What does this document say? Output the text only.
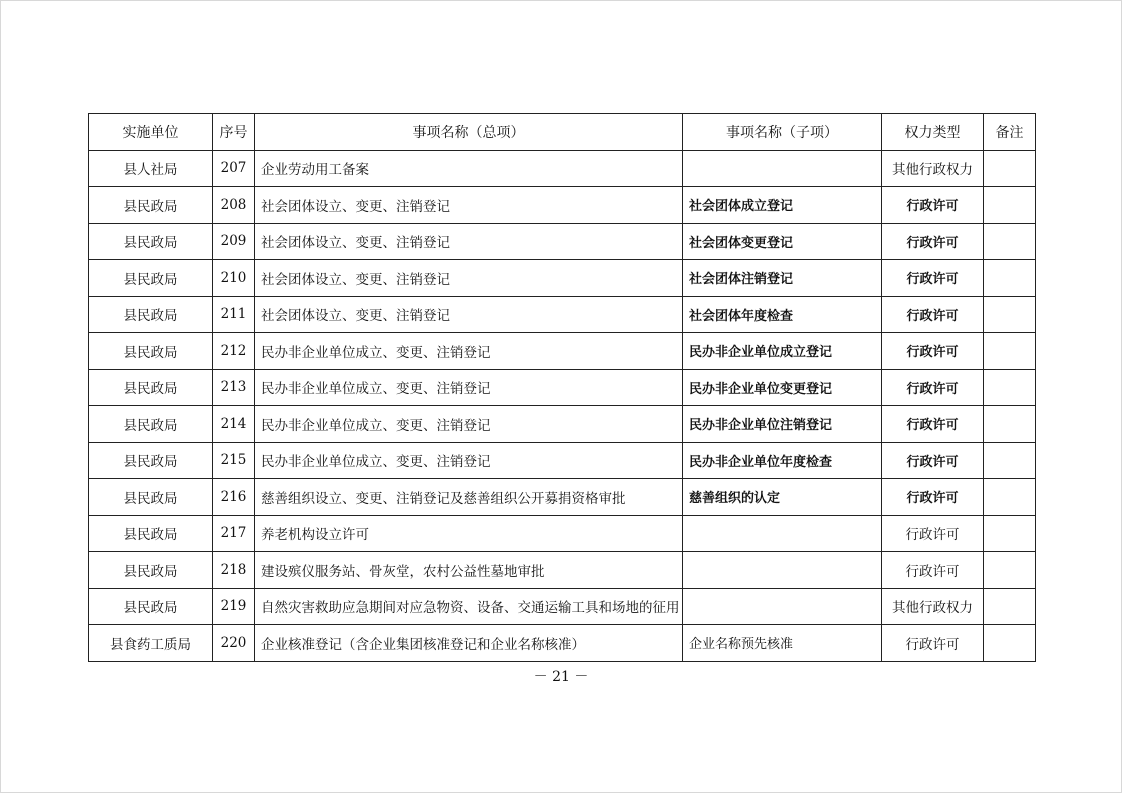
实施单位	序号	事项名称（总项）	事项名称（子项）	权力类型	备注
县人社局	207	企业劳动用工备案		其他行政权力	
县民政局	208	社会团体设立、变更、注销登记	社会团体成立登记	行政许可	
县民政局	209	社会团体设立、变更、注销登记	社会团体变更登记	行政许可	
县民政局	210	社会团体设立、变更、注销登记	社会团体注销登记	行政许可	
县民政局	211	社会团体设立、变更、注销登记	社会团体年度检查	行政许可	
县民政局	212	民办非企业单位成立、变更、注销登记	民办非企业单位成立登记	行政许可	
县民政局	213	民办非企业单位成立、变更、注销登记	民办非企业单位变更登记	行政许可	
县民政局	214	民办非企业单位成立、变更、注销登记	民办非企业单位注销登记	行政许可	
县民政局	215	民办非企业单位成立、变更、注销登记	民办非企业单位年度检查	行政许可	
县民政局	216	慈善组织设立、变更、注销登记及慈善组织公开募捐资格审批	慈善组织的认定	行政许可	
县民政局	217	养老机构设立许可		行政许可	
县民政局	218	建设殡仪服务站、骨灰堂，农村公益性墓地审批		行政许可	
县民政局	219	自然灾害救助应急期间对应急物资、设备、交通运输工具和场地的征用		其他行政权力	
县食药工质局	220	企业核准登记（含企业集团核准登记和企业名称核准）	企业名称预先核准	行政许可	
－ 21 －
